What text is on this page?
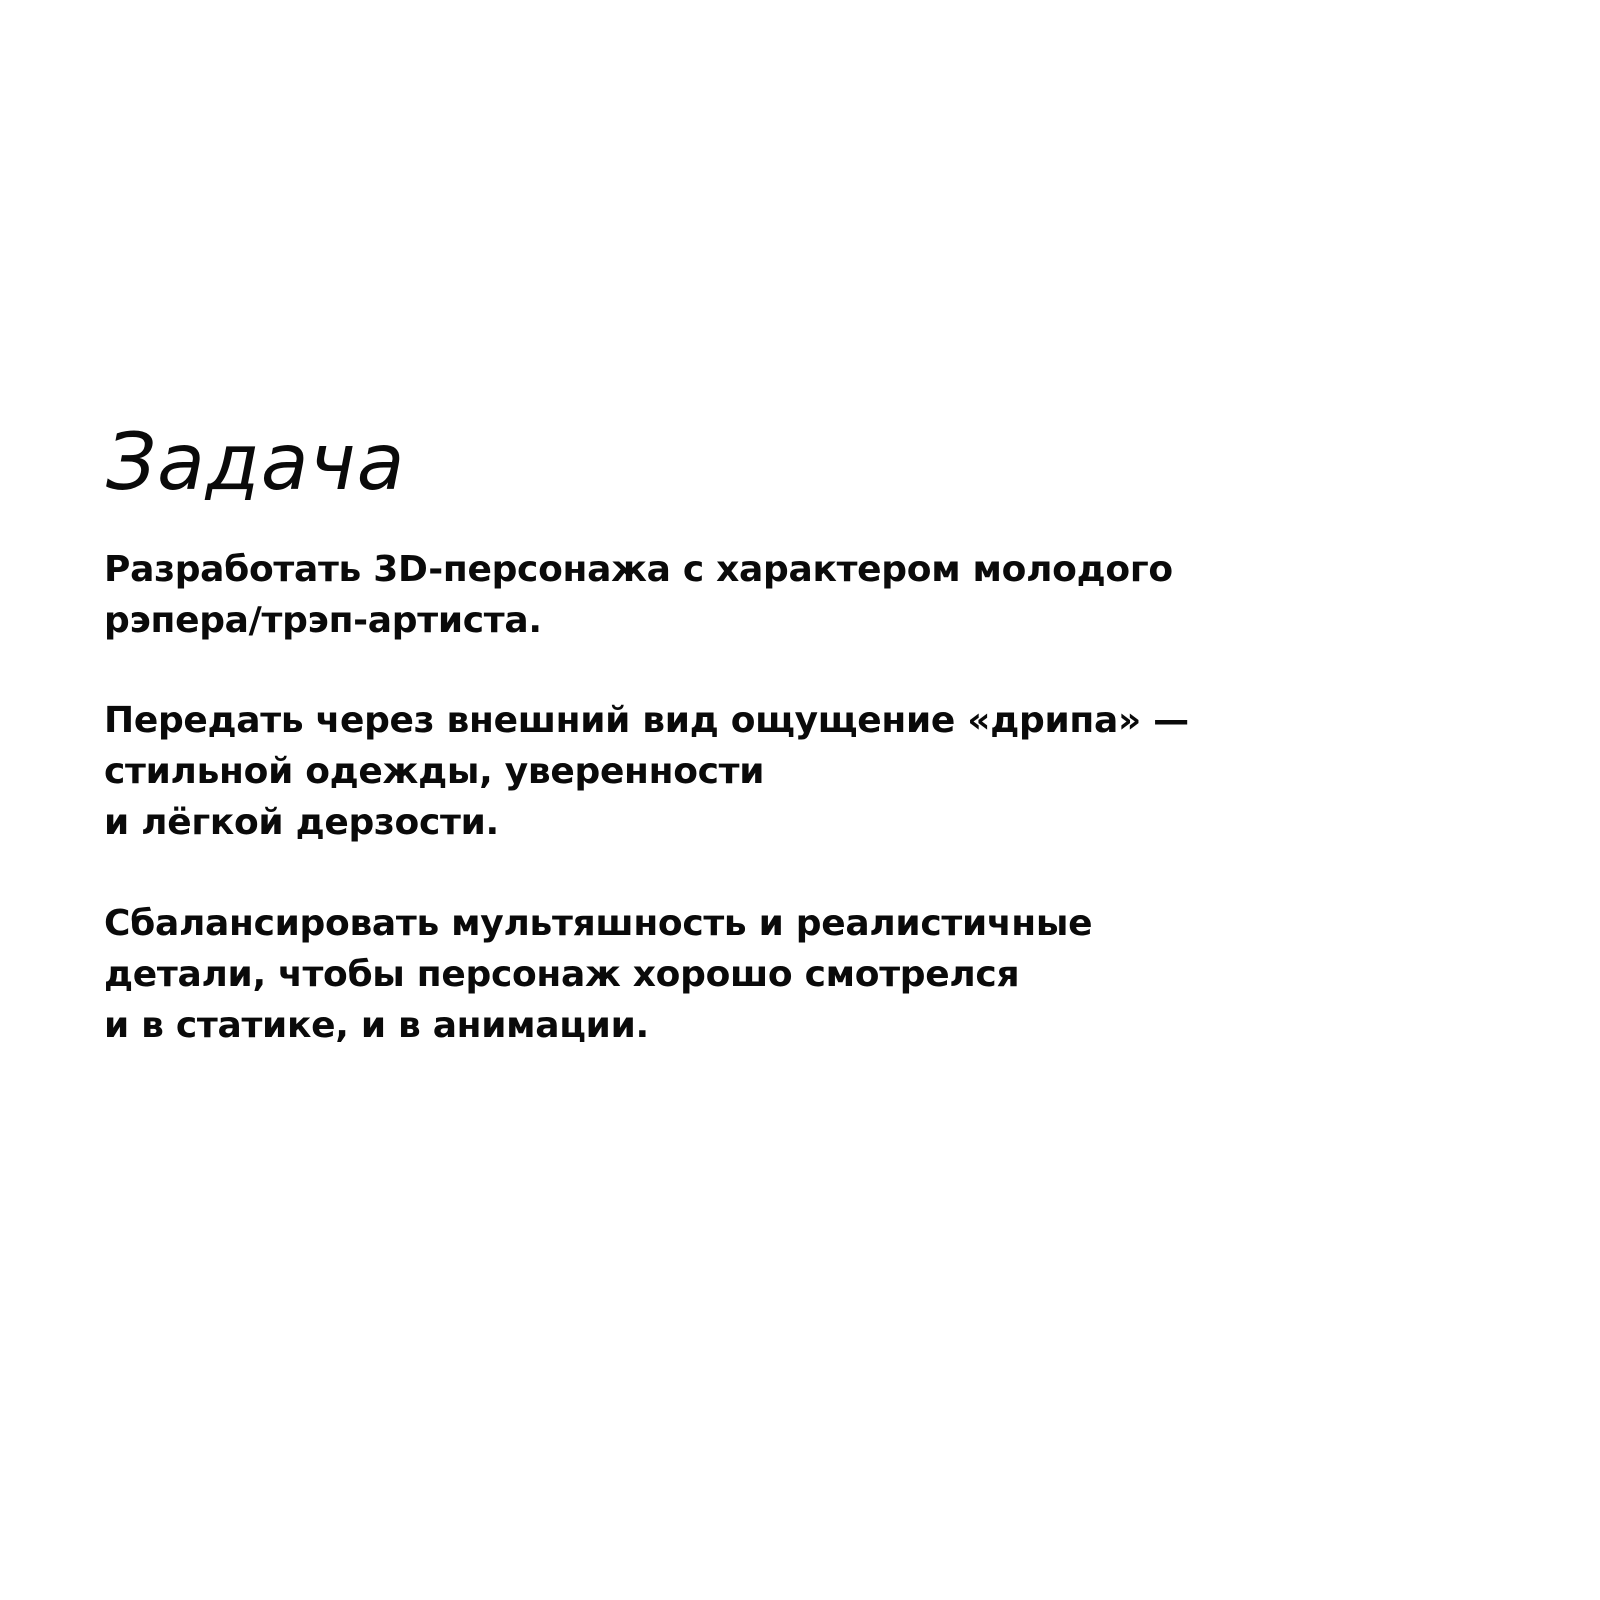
Задача

Разработать 3D-персонажа с характером молодого
рэпера/трэп-артиста.

Передать через внешний вид ощущение «дрипа» —
стильной одежды, уверенности
и лёгкой дерзости.

Сбалансировать мультяшность и реалистичные
детали, чтобы персонаж хорошо смотрелся
и в статике, и в анимации.
